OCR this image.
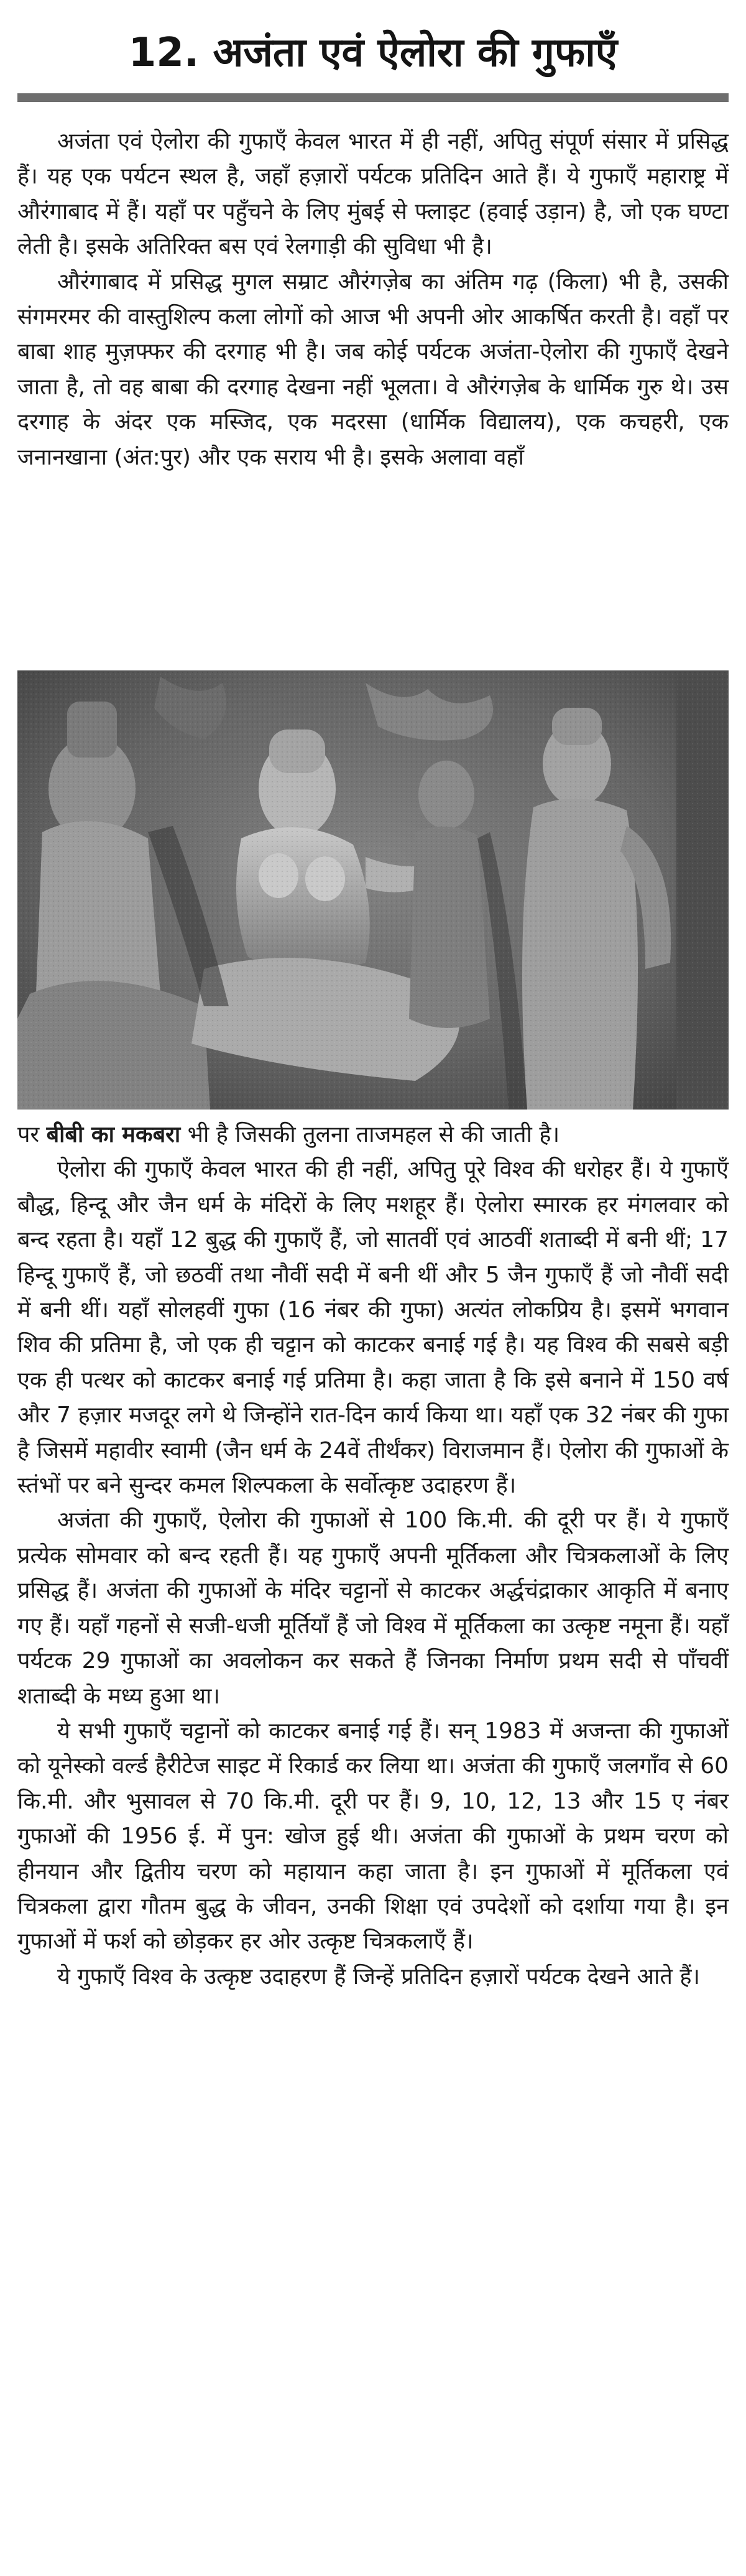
12. अजंता एवं ऐलोरा की गुफाएँ

अजंता एवं ऐलोरा की गुफाएँ केवल भारत में ही नहीं, अपितु संपूर्ण संसार में प्रसिद्ध हैं। यह एक पर्यटन स्थल है, जहाँ हज़ारों पर्यटक प्रतिदिन आते हैं। ये गुफाएँ महाराष्ट्र में औरंगाबाद में हैं। यहाँ पर पहुँचने के लिए मुंबई से फ्लाइट (हवाई उड़ान) है, जो एक घण्टा लेती है। इसके अतिरिक्त बस एवं रेलगाड़ी की सुविधा भी है।

औरंगाबाद में प्रसिद्ध मुगल सम्राट औरंगज़ेब का अंतिम गढ़ (किला) भी है, उसकी संगमरमर की वास्तुशिल्प कला लोगों को आज भी अपनी ओर आकर्षित करती है। वहाँ पर बाबा शाह मुज़फ्फर की दरगाह भी है। जब कोई पर्यटक अजंता-ऐलोरा की गुफाएँ देखने जाता है, तो वह बाबा की दरगाह देखना नहीं भूलता। वे औरंगज़ेब के धार्मिक गुरु थे। उस दरगाह के अंदर एक मस्जिद, एक मदरसा (धार्मिक विद्यालय), एक कचहरी, एक जनानखाना (अंत:पुर) और एक सराय भी है। इसके अलावा वहाँ

पर बीबी का मकबरा भी है जिसकी तुलना ताजमहल से की जाती है।

ऐलोरा की गुफाएँ केवल भारत की ही नहीं, अपितु पूरे विश्व की धरोहर हैं। ये गुफाएँ बौद्ध, हिन्दू और जैन धर्म के मंदिरों के लिए मशहूर हैं। ऐलोरा स्मारक हर मंगलवार को बन्द रहता है। यहाँ 12 बुद्ध की गुफाएँ हैं, जो सातवीं एवं आठवीं शताब्दी में बनी थीं; 17 हिन्दू गुफाएँ हैं, जो छठवीं तथा नौवीं सदी में बनी थीं और 5 जैन गुफाएँ हैं जो नौवीं सदी में बनी थीं। यहाँ सोलहवीं गुफा (16 नंबर की गुफा) अत्यंत लोकप्रिय है। इसमें भगवान शिव की प्रतिमा है, जो एक ही चट्टान को काटकर बनाई गई है। यह विश्व की सबसे बड़ी एक ही पत्थर को काटकर बनाई गई प्रतिमा है। कहा जाता है कि इसे बनाने में 150 वर्ष और 7 हज़ार मजदूर लगे थे जिन्होंने रात-दिन कार्य किया था। यहाँ एक 32 नंबर की गुफा है जिसमें महावीर स्वामी (जैन धर्म के 24वें तीर्थंकर) विराजमान हैं। ऐलोरा की गुफाओं के स्तंभों पर बने सुन्दर कमल शिल्पकला के सर्वोत्कृष्ट उदाहरण हैं।

अजंता की गुफाएँ, ऐलोरा की गुफाओं से 100 कि.मी. की दूरी पर हैं। ये गुफाएँ प्रत्येक सोमवार को बन्द रहती हैं। यह गुफाएँ अपनी मूर्तिकला और चित्रकलाओं के लिए प्रसिद्ध हैं। अजंता की गुफाओं के मंदिर चट्टानों से काटकर अर्द्धचंद्राकार आकृति में बनाए गए हैं। यहाँ गहनों से सजी-धजी मूर्तियाँ हैं जो विश्व में मूर्तिकला का उत्कृष्ट नमूना हैं। यहाँ पर्यटक 29 गुफाओं का अवलोकन कर सकते हैं जिनका निर्माण प्रथम सदी से पाँचवीं शताब्दी के मध्य हुआ था।

ये सभी गुफाएँ चट्टानों को काटकर बनाई गई हैं। सन् 1983 में अजन्ता की गुफाओं को यूनेस्को वर्ल्ड हैरीटेज साइट में रिकार्ड कर लिया था। अजंता की गुफाएँ जलगाँव से 60 कि.मी. और भुसावल से 70 कि.मी. दूरी पर हैं। 9, 10, 12, 13 और 15 ए नंबर गुफाओं की 1956 ई. में पुन: खोज हुई थी। अजंता की गुफाओं के प्रथम चरण को हीनयान और द्वितीय चरण को महायान कहा जाता है। इन गुफाओं में मूर्तिकला एवं चित्रकला द्वारा गौतम बुद्ध के जीवन, उनकी शिक्षा एवं उपदेशों को दर्शाया गया है। इन गुफाओं में फर्श को छोड़कर हर ओर उत्कृष्ट चित्रकलाएँ हैं।

ये गुफाएँ विश्व के उत्कृष्ट उदाहरण हैं जिन्हें प्रतिदिन हज़ारों पर्यटक देखने आते हैं।
